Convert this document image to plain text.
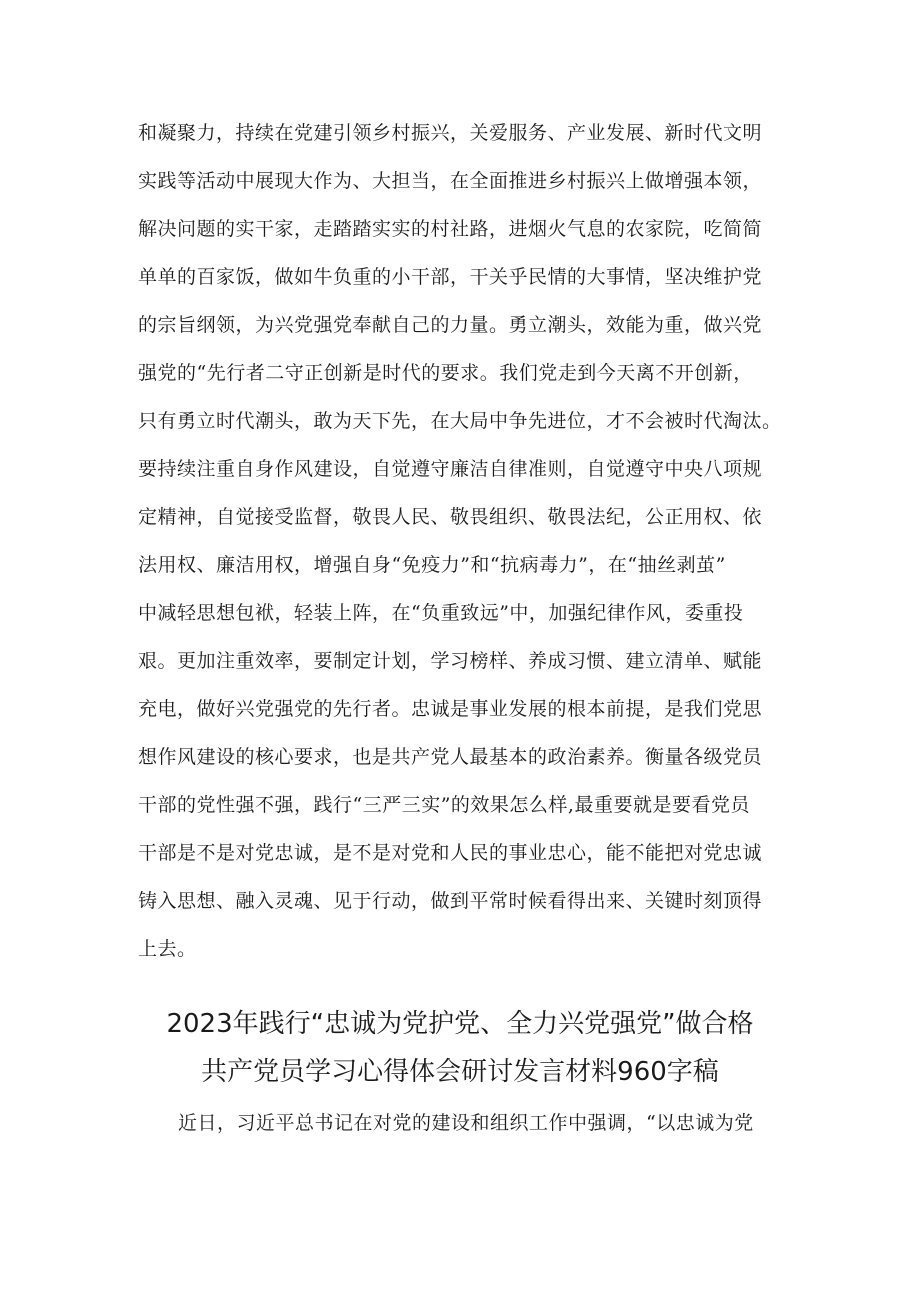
和凝聚力，持续在党建引领乡村振兴，关爱服务、产业发展、新时代文明
实践等活动中展现大作为、大担当，在全面推进乡村振兴上做增强本领，
解决问题的实干家，走踏踏实实的村社路，进烟火气息的农家院，吃简简
单单的百家饭，做如牛负重的小干部，干关乎民情的大事情，坚决维护党
的宗旨纲领，为兴党强党奉献自己的力量。勇立潮头，效能为重，做兴党
强党的“先行者二守正创新是时代的要求。我们党走到今天离不开创新，
只有勇立时代潮头，敢为天下先，在大局中争先进位，才不会被时代淘汰。
要持续注重自身作风建设，自觉遵守廉洁自律准则，自觉遵守中央八项规
定精神，自觉接受监督，敬畏人民、敬畏组织、敬畏法纪，公正用权、依
法用权、廉洁用权，增强自身“免疫力”和“抗病毒力”，在“抽丝剥茧”
中减轻思想包袱，轻装上阵，在“负重致远”中，加强纪律作风，委重投
艰。更加注重效率，要制定计划，学习榜样、养成习惯、建立清单、赋能
充电，做好兴党强党的先行者。忠诚是事业发展的根本前提，是我们党思
想作风建设的核心要求，也是共产党人最基本的政治素养。衡量各级党员
干部的党性强不强，践行“三严三实”的效果怎么样,最重要就是要看党员
干部是不是对党忠诚，是不是对党和人民的事业忠心，能不能把对党忠诚
铸入思想、融入灵魂、见于行动，做到平常时候看得出来、关键时刻顶得
上去。
2023年践行“忠诚为党护党、全力兴党强党”做合格
共产党员学习心得体会研讨发言材料960字稿
近日，习近平总书记在对党的建设和组织工作中强调，“以忠诚为党
